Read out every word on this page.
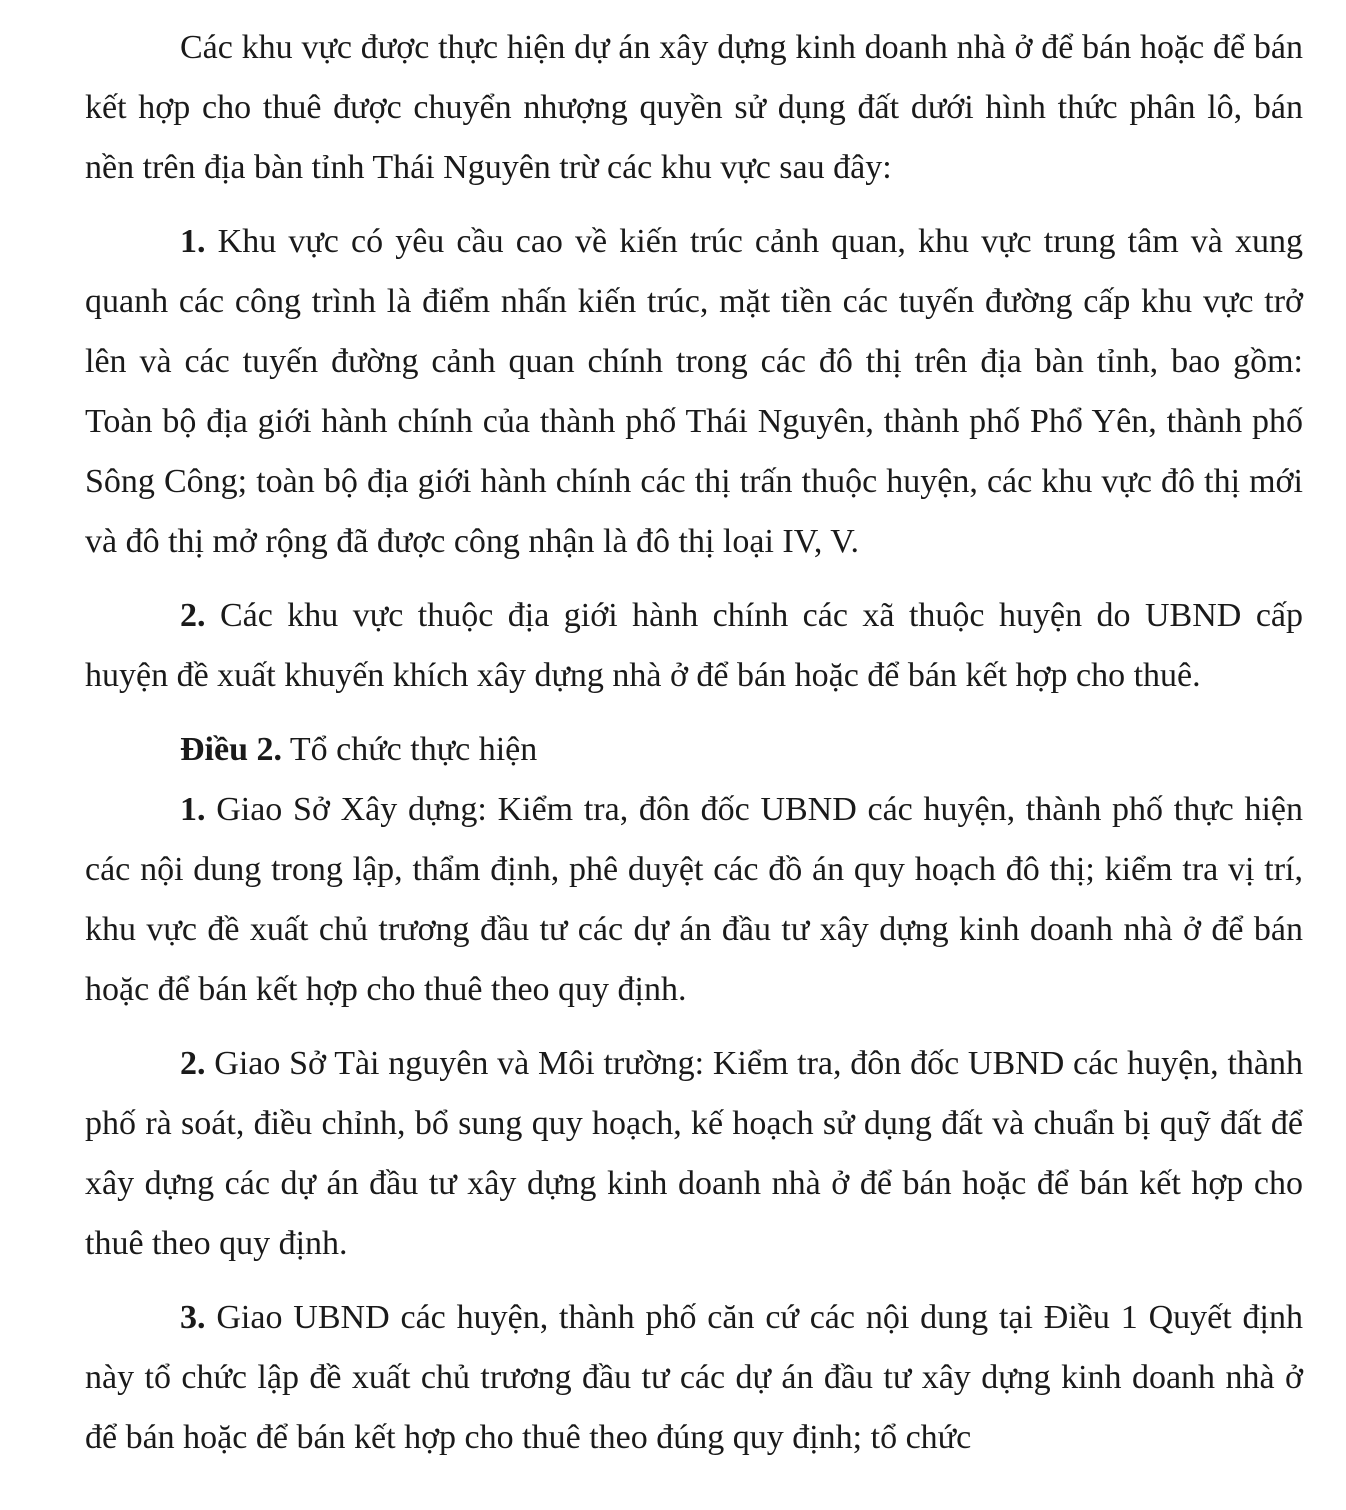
Các khu vực được thực hiện dự án xây dựng kinh doanh nhà ở để bán hoặc để bán kết hợp cho thuê được chuyển nhượng quyền sử dụng đất dưới hình thức phân lô, bán nền trên địa bàn tỉnh Thái Nguyên trừ các khu vực sau đây:

1. Khu vực có yêu cầu cao về kiến trúc cảnh quan, khu vực trung tâm và xung quanh các công trình là điểm nhấn kiến trúc, mặt tiền các tuyến đường cấp khu vực trở lên và các tuyến đường cảnh quan chính trong các đô thị trên địa bàn tỉnh, bao gồm: Toàn bộ địa giới hành chính của thành phố Thái Nguyên, thành phố Phổ Yên, thành phố Sông Công; toàn bộ địa giới hành chính các thị trấn thuộc huyện, các khu vực đô thị mới và đô thị mở rộng đã được công nhận là đô thị loại IV, V.

2. Các khu vực thuộc địa giới hành chính các xã thuộc huyện do UBND cấp huyện đề xuất khuyến khích xây dựng nhà ở để bán hoặc để bán kết hợp cho thuê.

Điều 2. Tổ chức thực hiện

1. Giao Sở Xây dựng: Kiểm tra, đôn đốc UBND các huyện, thành phố thực hiện các nội dung trong lập, thẩm định, phê duyệt các đồ án quy hoạch đô thị; kiểm tra vị trí, khu vực đề xuất chủ trương đầu tư các dự án đầu tư xây dựng kinh doanh nhà ở để bán hoặc để bán kết hợp cho thuê theo quy định.

2. Giao Sở Tài nguyên và Môi trường: Kiểm tra, đôn đốc UBND các huyện, thành phố rà soát, điều chỉnh, bổ sung quy hoạch, kế hoạch sử dụng đất và chuẩn bị quỹ đất để xây dựng các dự án đầu tư xây dựng kinh doanh nhà ở để bán hoặc để bán kết hợp cho thuê theo quy định.

3. Giao UBND các huyện, thành phố căn cứ các nội dung tại Điều 1 Quyết định này tổ chức lập đề xuất chủ trương đầu tư các dự án đầu tư xây dựng kinh doanh nhà ở để bán hoặc để bán kết hợp cho thuê theo đúng quy định; tổ chức
